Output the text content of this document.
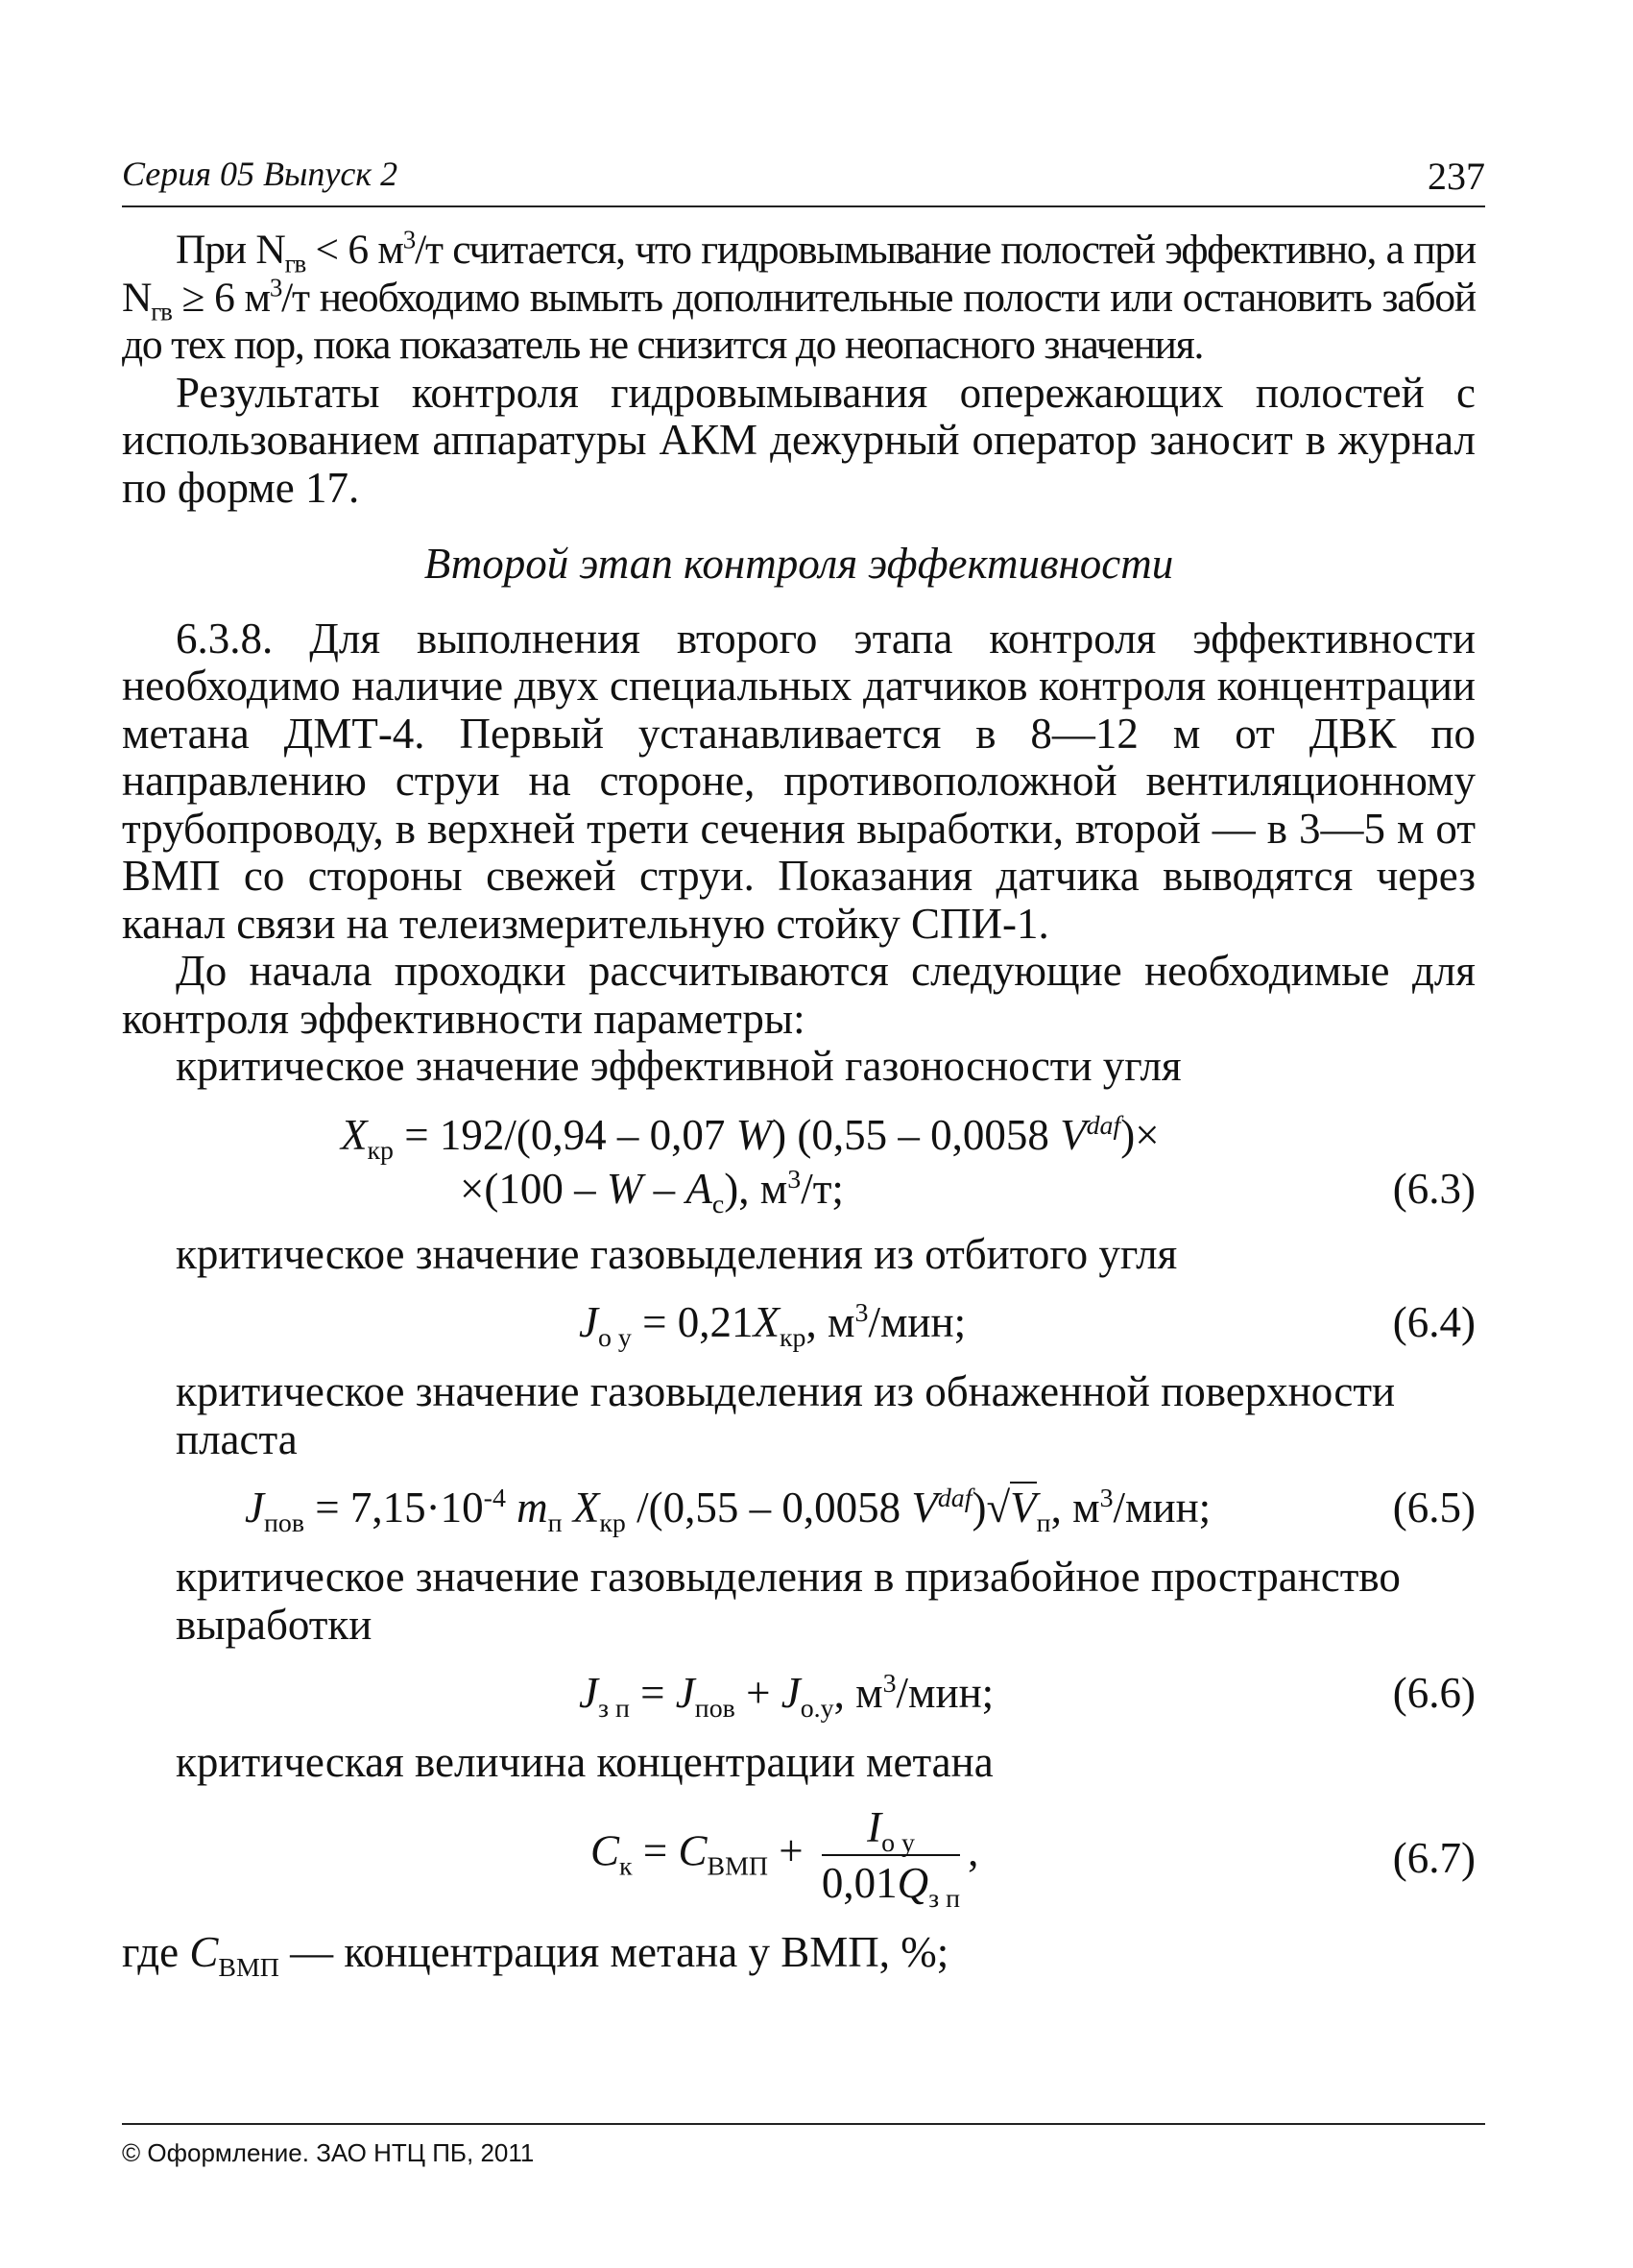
Серия 05 Выпуск 2	237

При $N_{гв} < 6$ $м^3/т$ считается, что гидровымывание полостей эффективно, а при $N_{гв} \ge 6$ $м^3/т$ необходимо вымыть дополнительные полости или остановить забой до тех пор, пока показатель не снизится до неопасного значения.

Результаты контроля гидровымывания опережающих полостей с использованием аппаратуры АКМ дежурный оператор заносит в журнал по форме 17.

Второй этап контроля эффективности

6.3.8. Для выполнения второго этапа контроля эффективности необходимо наличие двух специальных датчиков контроля концентрации метана ДМТ-4. Первый устанавливается в 8—12 м от ДВК по направлению струи на стороне, противоположной вентиляционному трубопроводу, в верхней трети сечения выработки, второй — в 3—5 м от ВМП со стороны свежей струи. Показания датчика выводятся через канал связи на телеизмерительную стойку СПИ-1.

До начала проходки рассчитываются следующие необходимые для контроля эффективности параметры:

критическое значение эффективной газоносности угля

$X_{кр} = 192/(0,94 - 0,07$ W) (0,55 – 0,0058 $V^{daf})\times$
$\times(100 - W - A_с)$, $м^3/т$;	(6.3)

критическое значение газовыделения из отбитого угля

$J_{о у} = 0,21X_{кр}$, $м^3$/мин;	(6.4)

критическое значение газовыделения из обнаженной поверхности пласта

$J_{пов} = 7,15\cdot 10^{-4}$ $m_п$ $X_{кр}$ /(0,55 – 0,0058 $V^{daf})√V_п$, $м^3$/мин;	(6.5)

критическое значение газовыделения в призабойное пространство выработки

$J_{з п} = J_{пов} + J_{о.у}$, $м^3$/мин;	(6.6)

критическая величина концентрации метана

$C_к = C_{ВМП} + \frac{I_{о у}}{0,01Q_{з п}}$ ,	(6.7)

где $C_{ВМП}$ — концентрация метана у ВМП, %;

© Оформление. ЗАО НТЦ ПБ, 2011
